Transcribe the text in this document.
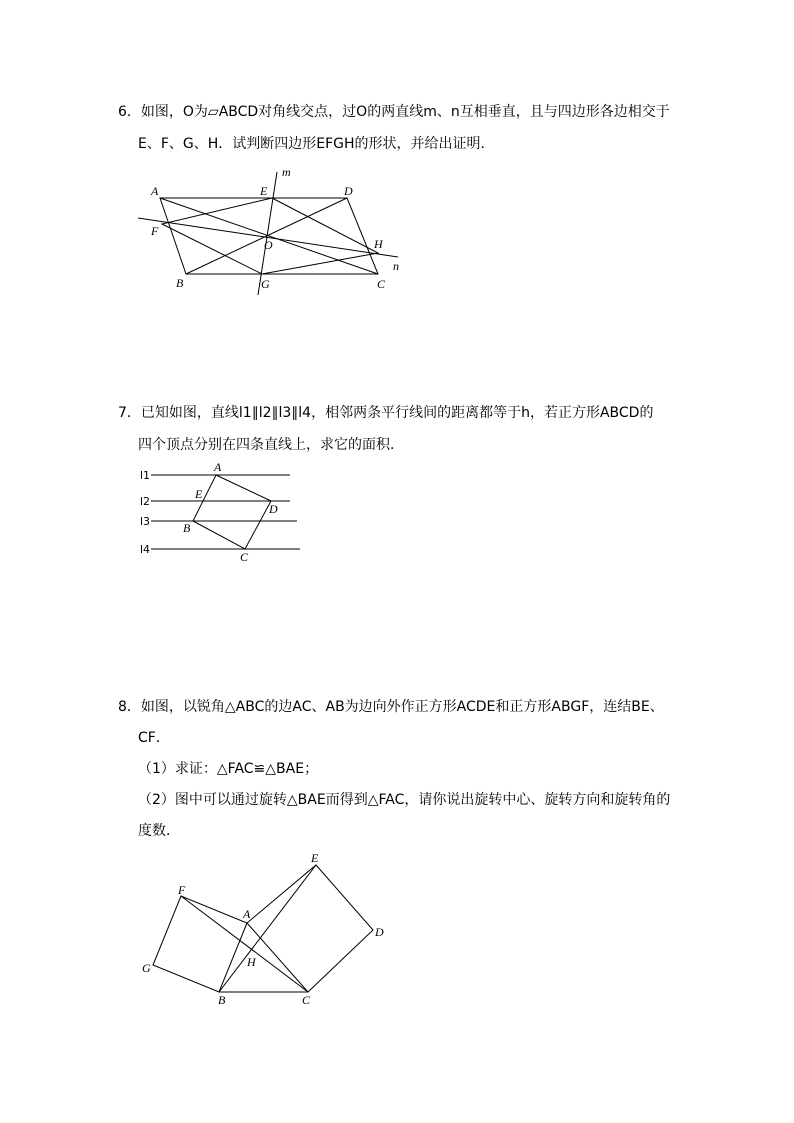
6．如图，O为▱ABCD对角线交点，过O的两直线m、n互相垂直，且与四边形各边相交于
E、F、G、H．试判断四边形EFGH的形状，并给出证明．
A	E
m
D
F
O	H
n
B	G	C
7．已知如图，直线l1∥l2∥l3∥l4，相邻两条平行线间的距离都等于h，若正方形ABCD的
四个顶点分别在四条直线上，求它的面积．
l1
l2
l3
l4
A
E
D
B
C
8．如图，以锐角△ABC的边AC、AB为边向外作正方形ACDE和正方形ABGF，连结BE、
CF．
（1）求证：△FAC≌△BAE；
（2）图中可以通过旋转△BAE而得到△FAC，请你说出旋转中心、旋转方向和旋转角的
度数．
E
F
A
D
G	H
B	C
